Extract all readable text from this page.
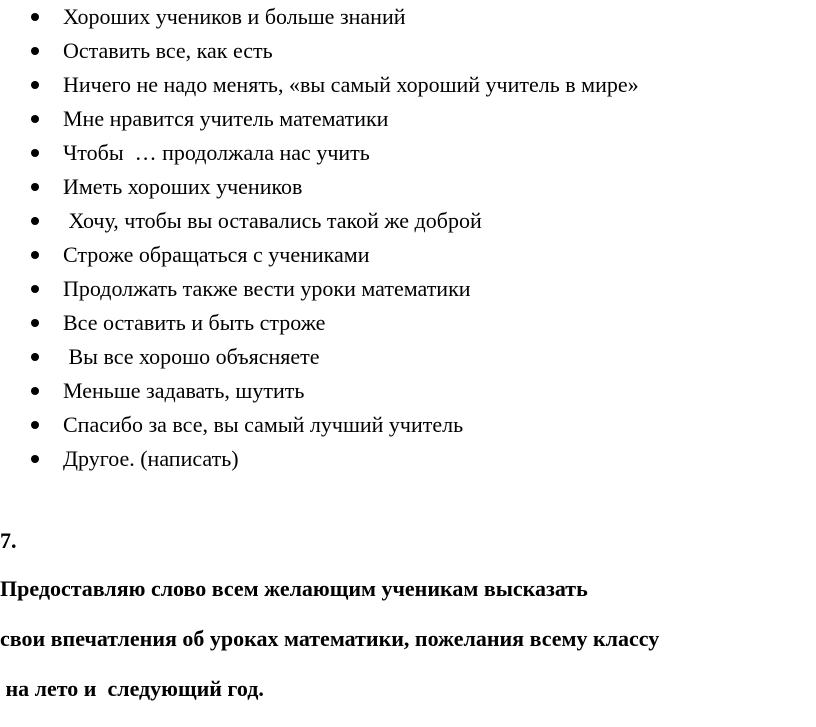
Хороших учеников и больше знаний

Оставить все, как есть

Ничего не надо менять, «вы самый хороший учитель в мире»

Мне нравится учитель математики

Чтобы  … продолжала нас учить

Иметь хороших учеников

Хочу, чтобы вы оставались такой же доброй

Строже обращаться с учениками

Продолжать также вести уроки математики

Все оставить и быть строже

Вы все хорошо объясняете

Меньше задавать, шутить

Спасибо за все, вы самый лучший учитель

Другое. (написать)

7.
Предоставляю слово всем желающим ученикам высказать
свои впечатления об уроках математики, пожелания всему классу
на лето и  следующий год.
